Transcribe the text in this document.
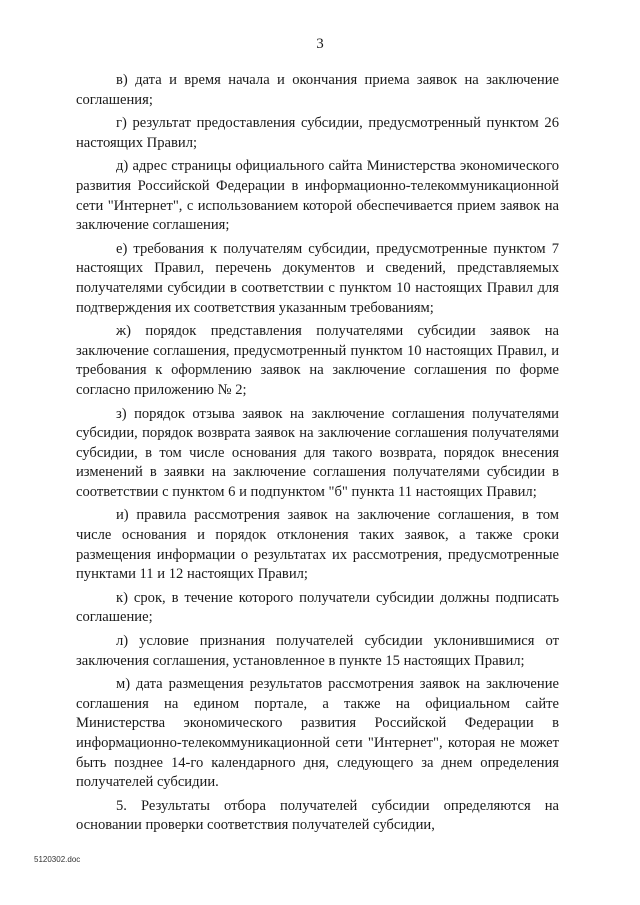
3

в) дата и время начала и окончания приема заявок на заключение соглашения;

г) результат предоставления субсидии, предусмотренный пунктом 26 настоящих Правил;

д) адрес страницы официального сайта Министерства экономического развития Российской Федерации в информационно-телекоммуникационной сети "Интернет", с использованием которой обеспечивается прием заявок на заключение соглашения;

е) требования к получателям субсидии, предусмотренные пунктом 7 настоящих Правил, перечень документов и сведений, представляемых получателями субсидии в соответствии с пунктом 10 настоящих Правил для подтверждения их соответствия указанным требованиям;

ж) порядок представления получателями субсидии заявок на заключение соглашения, предусмотренный пунктом 10 настоящих Правил, и требования к оформлению заявок на заключение соглашения по форме согласно приложению № 2;

з) порядок отзыва заявок на заключение соглашения получателями субсидии, порядок возврата заявок на заключение соглашения получателями субсидии, в том числе основания для такого возврата, порядок внесения изменений в заявки на заключение соглашения получателями субсидии в соответствии с пунктом 6 и подпунктом "б" пункта 11 настоящих Правил;

и) правила рассмотрения заявок на заключение соглашения, в том числе основания и порядок отклонения таких заявок, а также сроки размещения информации о результатах их рассмотрения, предусмотренные пунктами 11 и 12 настоящих Правил;

к) срок, в течение которого получатели субсидии должны подписать соглашение;

л) условие признания получателей субсидии уклонившимися от заключения соглашения, установленное в пункте 15 настоящих Правил;

м) дата размещения результатов рассмотрения заявок на заключение соглашения на едином портале, а также на официальном сайте Министерства экономического развития Российской Федерации в информационно-телекоммуникационной сети "Интернет", которая не может быть позднее 14-го календарного дня, следующего за днем определения получателей субсидии.

5. Результаты отбора получателей субсидии определяются на основании проверки соответствия получателей субсидии,

5120302.doc
